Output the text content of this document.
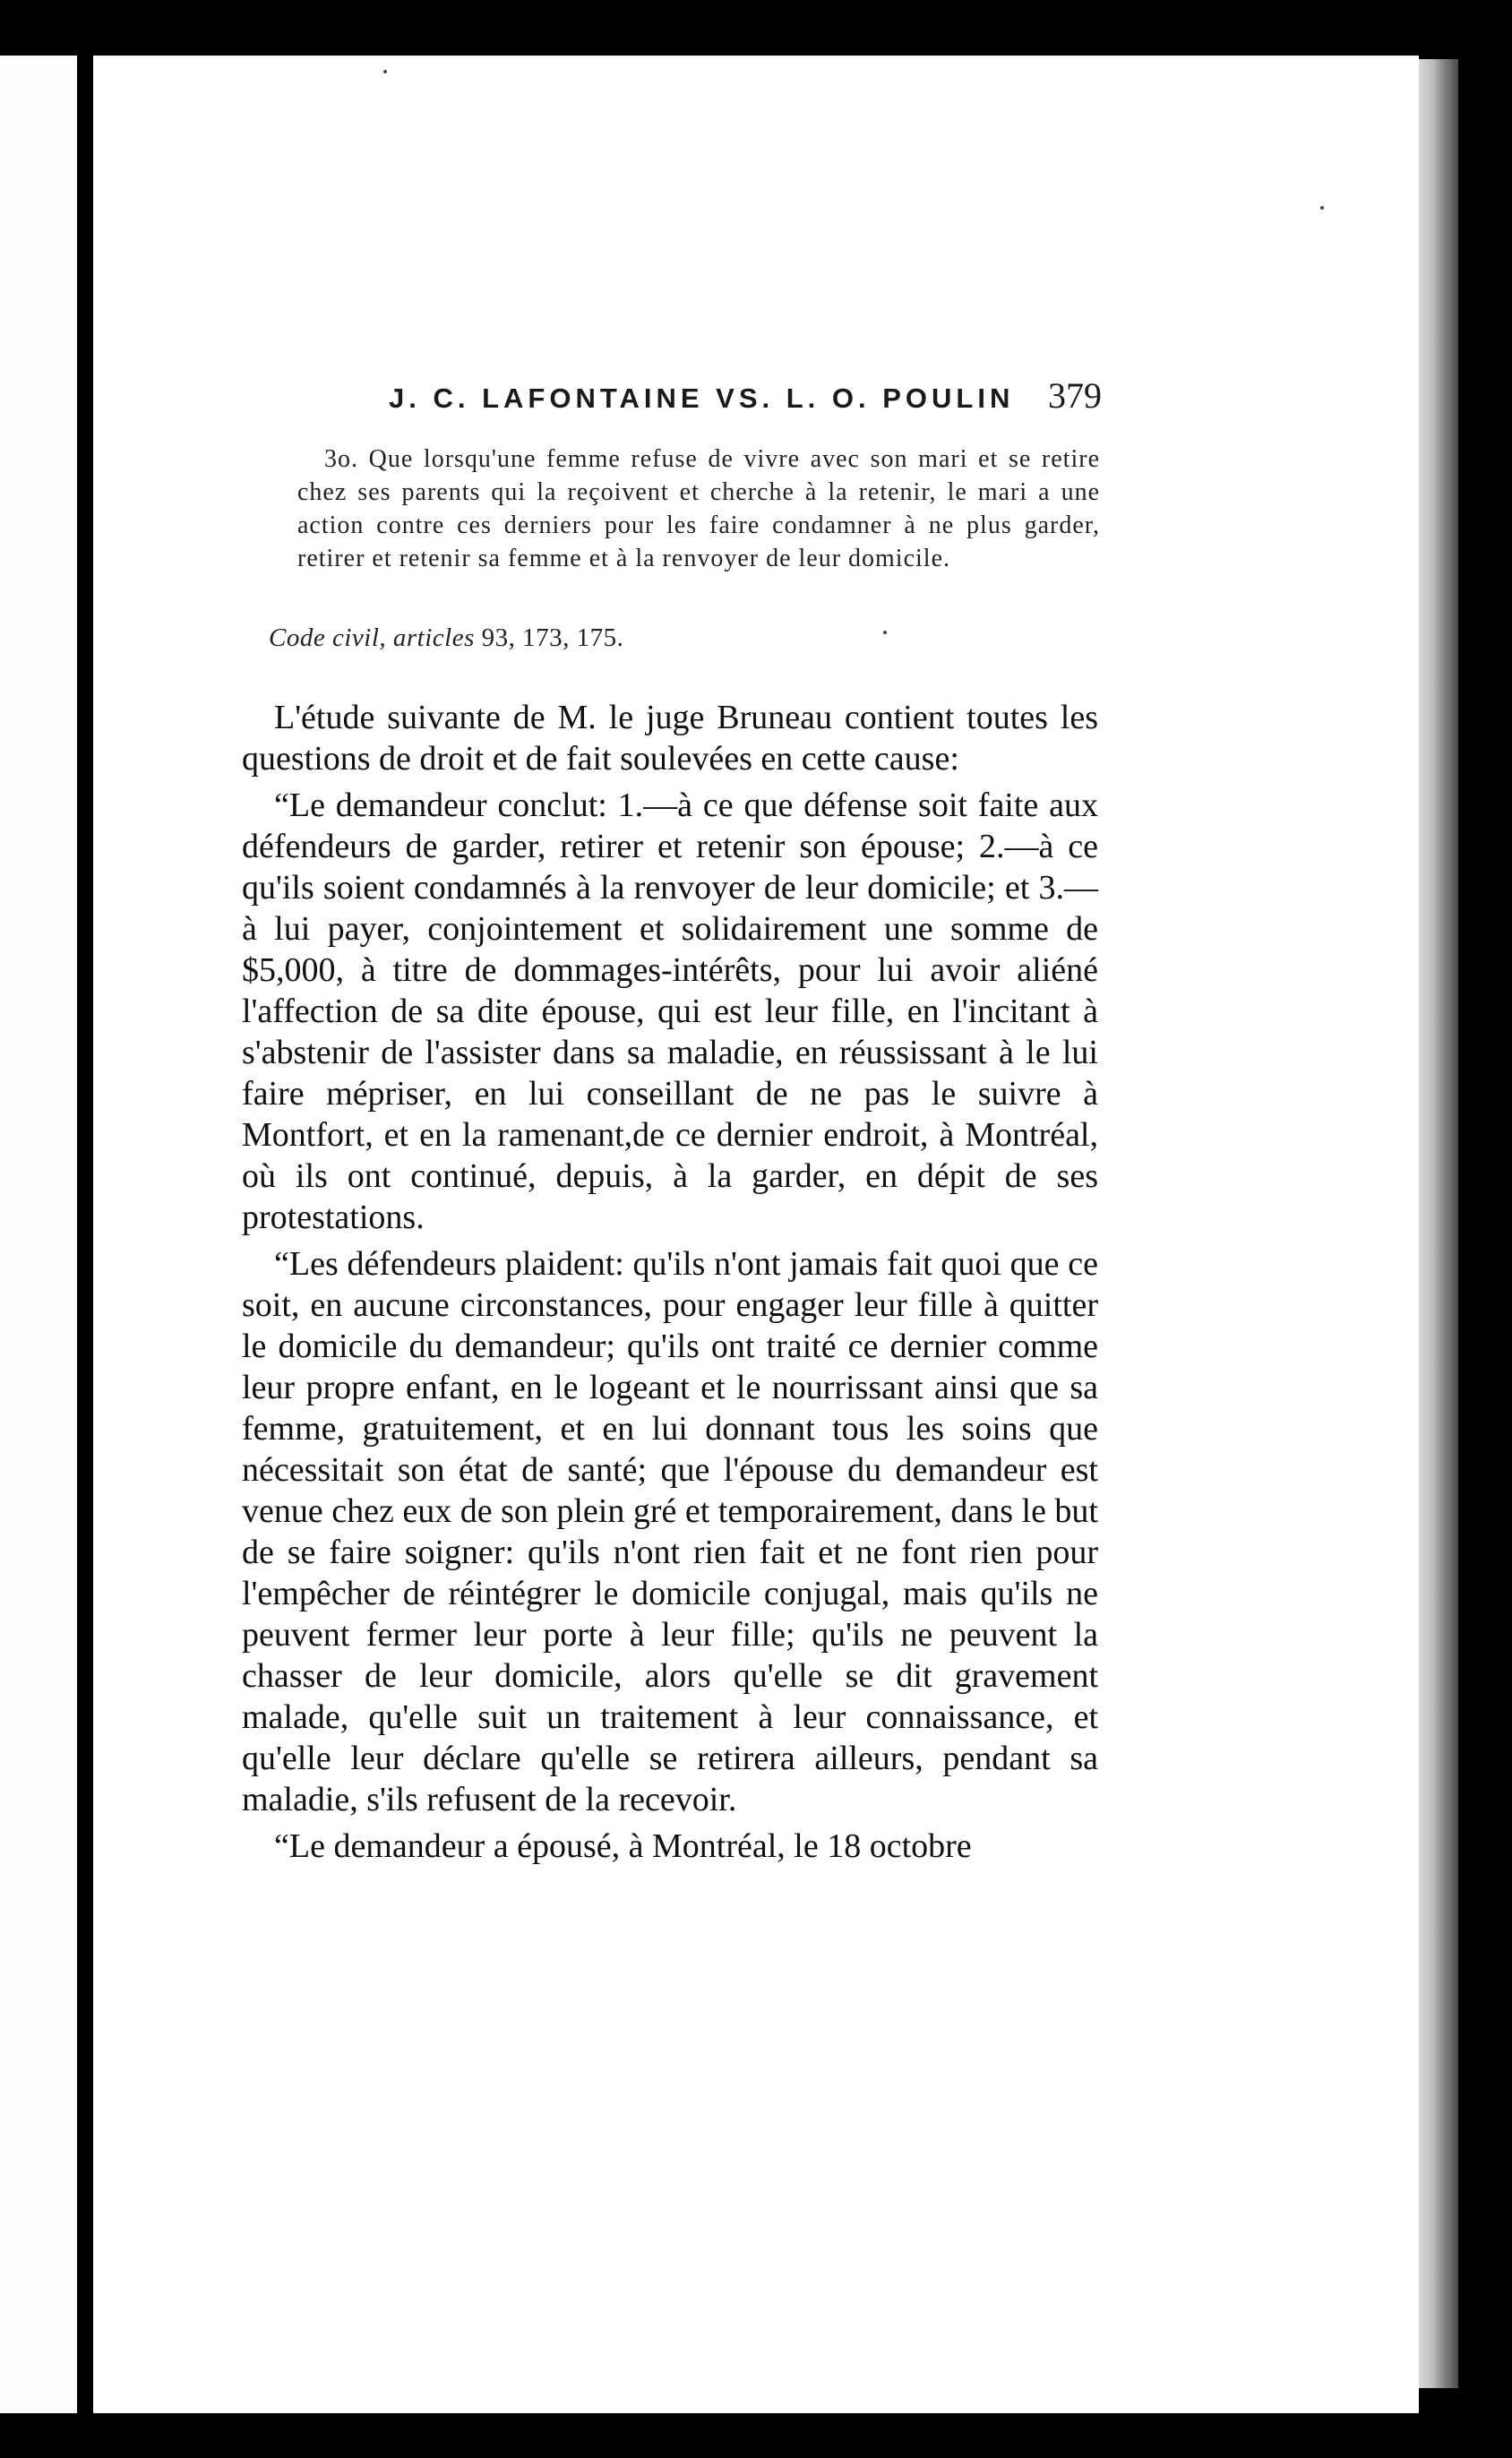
J. C. LAFONTAINE VS. L. O. POULIN 379

3o. Que lorsqu'une femme refuse de vivre avec son mari et se retire chez ses parents qui la reçoivent et cherche à la retenir, le mari a une action contre ces derniers pour les faire condamner à ne plus garder, retirer et retenir sa femme et à la renvoyer de leur domicile.

Code civil, articles 93, 173, 175.

L'étude suivante de M. le juge Bruneau contient toutes les questions de droit et de fait soulevées en cette cause:

“Le demandeur conclut: 1.—à ce que défense soit faite aux défendeurs de garder, retirer et retenir son épouse; 2.—à ce qu'ils soient condamnés à la renvoyer de leur domicile; et 3.—à lui payer, conjointement et solidairement une somme de $5,000, à titre de dommages-intérêts, pour lui avoir aliéné l'affection de sa dite épouse, qui est leur fille, en l'incitant à s'abstenir de l'assister dans sa maladie, en réussissant à le lui faire mépriser, en lui conseillant de ne pas le suivre à Montfort, et en la ramenant,de ce dernier endroit, à Montréal, où ils ont continué, depuis, à la garder, en dépit de ses protestations.

“Les défendeurs plaident: qu'ils n'ont jamais fait quoi que ce soit, en aucune circonstances, pour engager leur fille à quitter le domicile du demandeur; qu'ils ont traité ce dernier comme leur propre enfant, en le logeant et le nourrissant ainsi que sa femme, gratuitement, et en lui donnant tous les soins que nécessitait son état de santé; que l'épouse du demandeur est venue chez eux de son plein gré et temporairement, dans le but de se faire soigner: qu'ils n'ont rien fait et ne font rien pour l'empêcher de réintégrer le domicile conjugal, mais qu'ils ne peuvent fermer leur porte à leur fille; qu'ils ne peuvent la chasser de leur domicile, alors qu'elle se dit gravement malade, qu'elle suit un traitement à leur connaissance, et qu'elle leur déclare qu'elle se retirera ailleurs, pendant sa maladie, s'ils refusent de la recevoir.

“Le demandeur a épousé, à Montréal, le 18 octobre
